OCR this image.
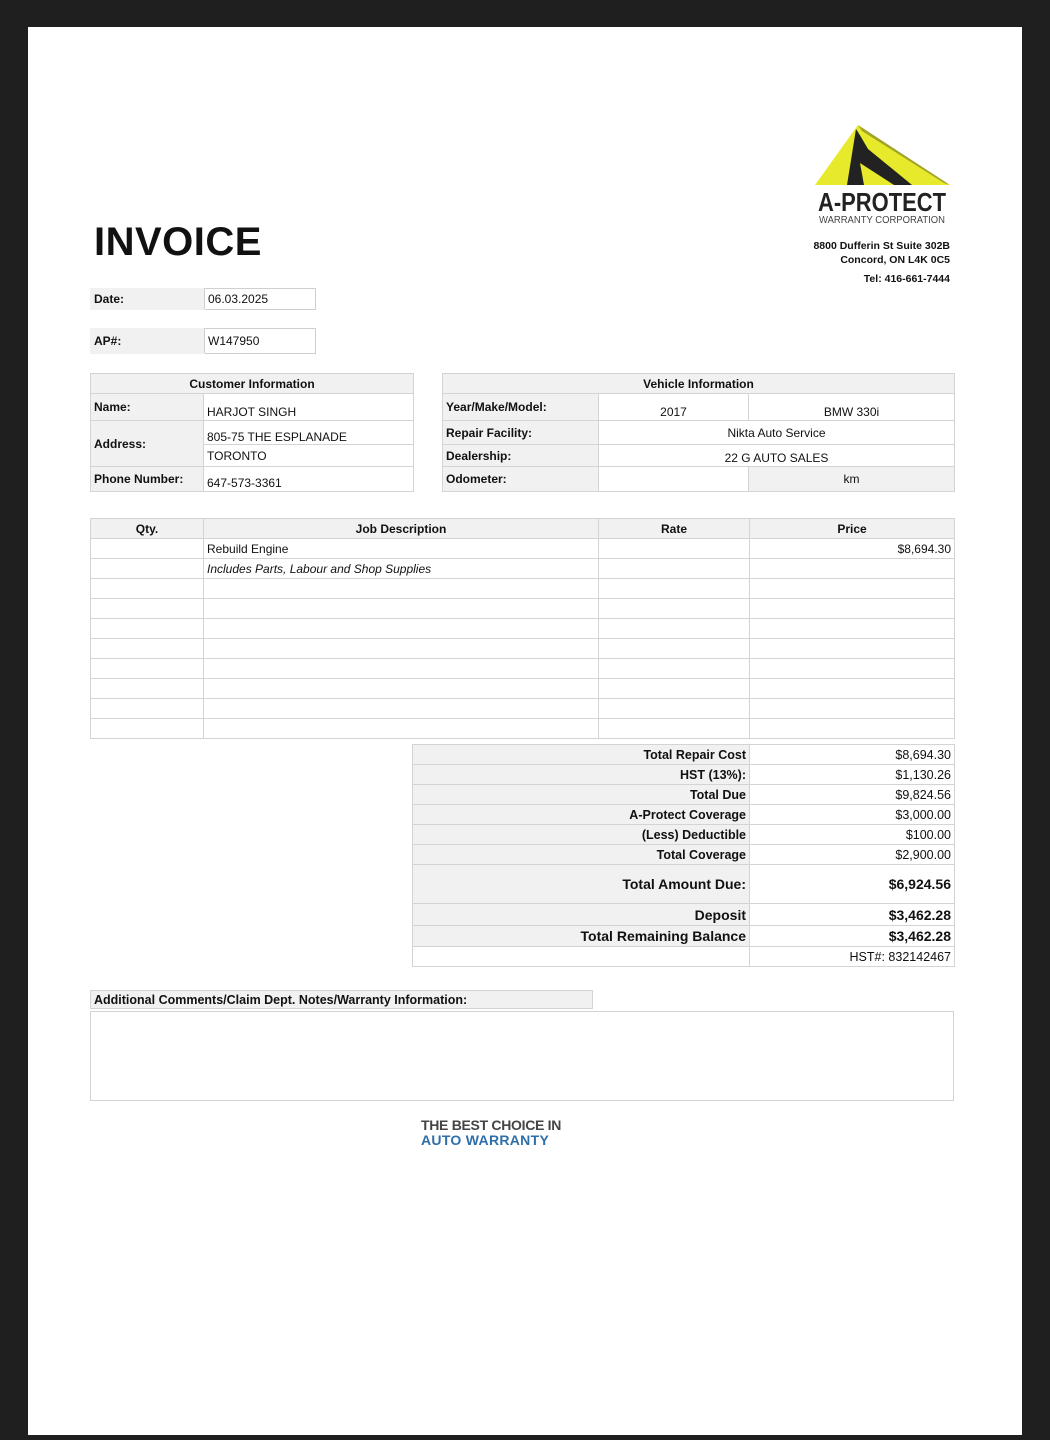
INVOICE
A-PROTECT
WARRANTY CORPORATION
8800 Dufferin St Suite 302B
Concord, ON L4K 0C5
Tel: 416-661-7444
Date:	06.03.2025
AP#:	W147950
Customer Information	
Name:	HARJOT SINGH
Address:	805-75 THE ESPLANADE
	TORONTO
Phone Number:	647-573-3361
Vehicle Information		
Year/Make/Model:	2017	BMW 330i
Repair Facility:	Nikta Auto Service	
Dealership:	22 G AUTO SALES	
Odometer:		km
Qty.	Job Description	Rate	Price
	Rebuild Engine		$8,694.30
	Includes Parts, Labour and Shop Supplies		

Total Repair Cost	$8,694.30
HST (13%):	$1,130.26
Total Due	$9,824.56
A-Protect Coverage	$3,000.00
(Less) Deductible	$100.00
Total Coverage	$2,900.00
Total Amount Due:	$6,924.56
Deposit	$3,462.28
Total Remaining Balance	$3,462.28
	HST#: 832142467
Additional Comments/Claim Dept. Notes/Warranty Information:
THE BEST CHOICE IN
AUTO WARRANTY
